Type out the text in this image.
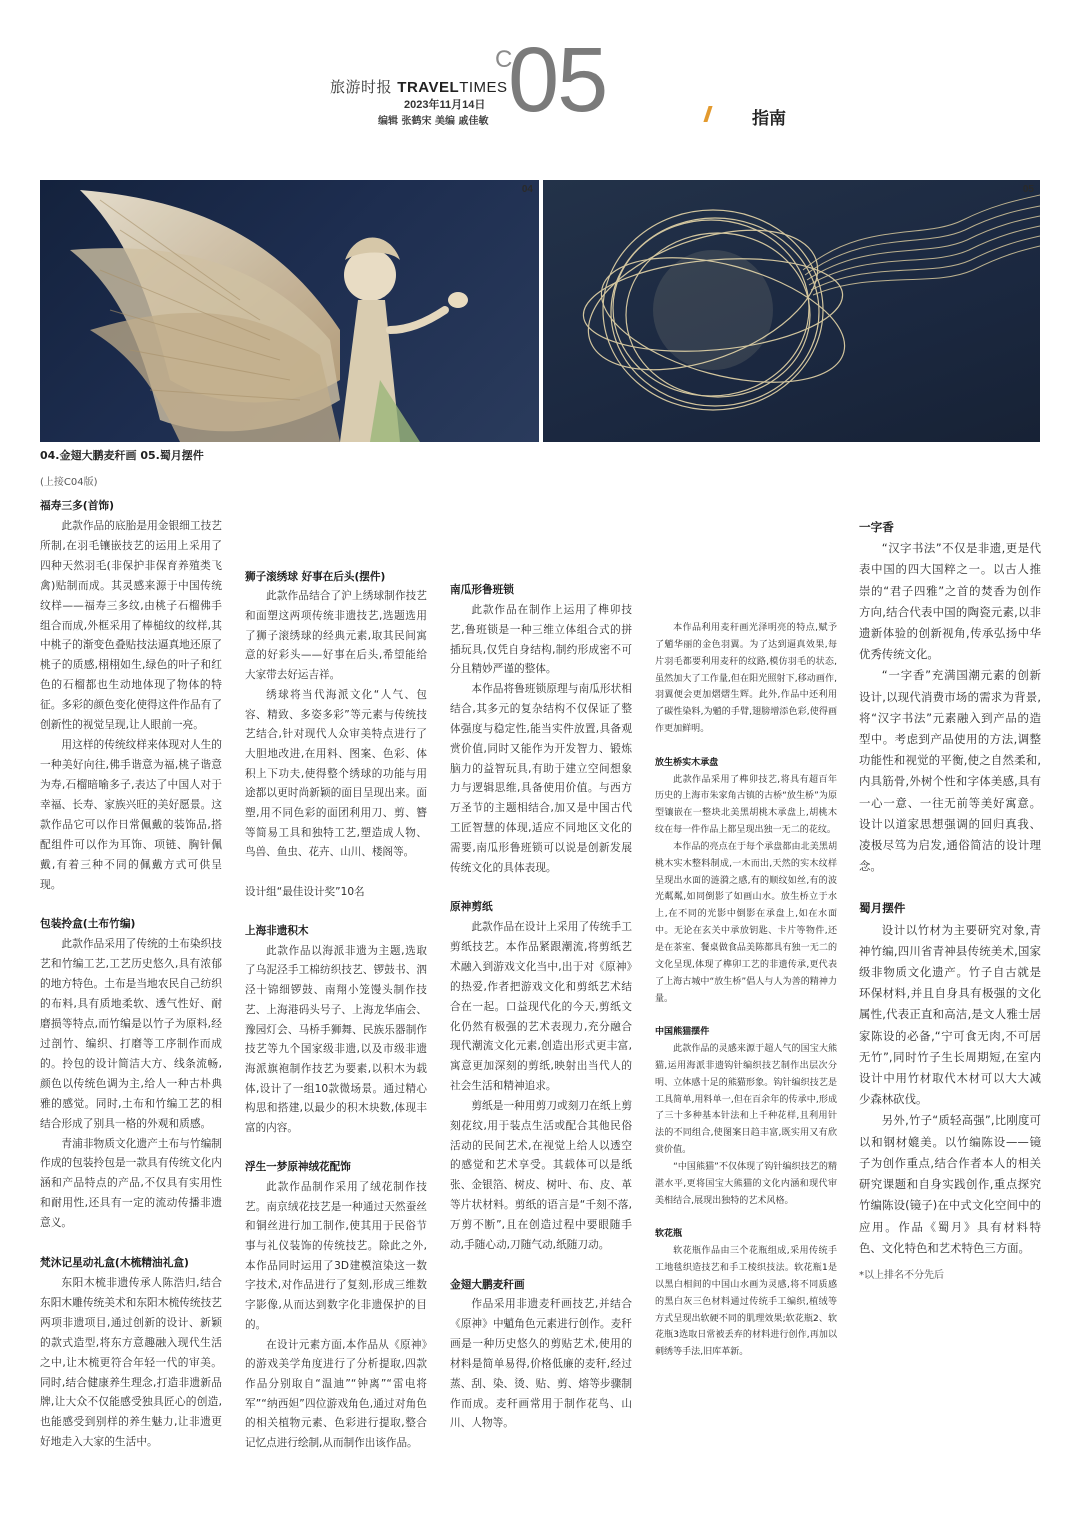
旅游时报 TRAVELTIMES
2023年11月14日
编辑 张鹤宋 美编 戚佳敏
C
05	指南
04	05
04.金翅大鹏麦秆画 05.蜀月摆件
(上接C04版)
福寿三多(首饰)

此款作品的底胎是用金银细工技艺所制,在羽毛镶嵌技艺的运用上采用了四种天然羽毛(非保护非保育养殖类飞禽)贴制而成。其灵感来源于中国传统纹样——福寿三多纹,由桃子石榴佛手组合而成,外框采用了棒槌纹的纹样,其中桃子的渐变色叠贴技法逼真地还原了桃子的质感,栩栩如生,绿色的叶子和红色的石榴都也生动地体现了物体的特征。多彩的颜色变化使得这件作品有了创新性的视觉呈现,让人眼前一亮。

用这样的传统纹样来体现对人生的一种美好向往,佛手谐意为福,桃子谐意为寿,石榴暗喻多子,表达了中国人对于幸福、长寿、家族兴旺的美好愿景。这款作品它可以作日常佩戴的装饰品,搭配组件可以作为耳饰、项链、胸针佩戴,有着三种不同的佩戴方式可供呈现。

包装拎盒(土布竹编)

此款作品采用了传统的土布染织技艺和竹编工艺,工艺历史悠久,具有浓郁的地方特色。土布是当地农民自己纺织的布料,具有质地柔软、透气性好、耐磨损等特点,而竹编是以竹子为原料,经过剖竹、编织、打磨等工序制作而成的。拎包的设计简洁大方、线条流畅,颜色以传统色调为主,给人一种古朴典雅的感觉。同时,土布和竹编工艺的相结合形成了别具一格的外观和质感。

青浦非物质文化遗产土布与竹编制作成的包装拎包是一款具有传统文化内涵和产品特点的产品,不仅具有实用性和耐用性,还具有一定的流动传播非遗意义。

梵沐记星动礼盒(木梳精油礼盒)

东阳木梳非遗传承人陈浩归,结合东阳木雕传统美术和东阳木梳传统技艺两项非遗项目,通过创新的设计、新颖的款式造型,将东方意趣融入现代生活之中,让木梳更符合年轻一代的审美。同时,结合健康养生理念,打造非遗新品牌,让大众不仅能感受独具匠心的创造,也能感受到别样的养生魅力,让非遗更好地走入大家的生活中。

狮子滚绣球 好事在后头(摆件)

此款作品结合了沪上绣球制作技艺和面塑这两项传统非遗技艺,选题选用了狮子滚绣球的经典元素,取其民间寓意的好彩头——好事在后头,希望能给大家带去好运吉祥。

绣球将当代海派文化“人气、包容、精致、多姿多彩”等元素与传统技艺结合,针对现代人众审美特点进行了大胆地改进,在用料、图案、色彩、体积上下功夫,使得整个绣球的功能与用途都以更时尚新颖的面目呈现出来。面塑,用不同色彩的面团利用刀、剪、簪等简易工具和独特工艺,塑造成人物、鸟兽、鱼虫、花卉、山川、楼阁等。

设计组“最佳设计奖”10名

上海非遗积木

此款作品以海派非遗为主题,选取了乌泥泾手工棉纺织技艺、锣鼓书、泗泾十锦细锣鼓、南翔小笼馒头制作技艺、上海港码头号子、上海龙华庙会、豫园灯会、马桥手狮舞、民族乐器制作技艺等九个国家级非遗,以及市级非遗海派旗袍制作技艺为要素,以积木为载体,设计了一组10款微场景。通过精心构思和搭建,以最少的积木块数,体现丰富的内容。

浮生一梦原神绒花配饰

此款作品制作采用了绒花制作技艺。南京绒花技艺是一种通过天然蚕丝和铜丝进行加工制作,使其用于民俗节事与礼仪装饰的传统技艺。除此之外,本作品同时运用了3D建模渲染这一数字技术,对作品进行了复刻,形成三维数字影像,从而达到数字化非遗保护的目的。

在设计元素方面,本作品从《原神》的游戏美学角度进行了分析提取,四款作品分别取自“温迪”“钟离”“雷电将军”“纳西妲”四位游戏角色,通过对角色的相关植物元素、色彩进行提取,整合记忆点进行绘制,从而制作出该作品。

南瓜形鲁班锁

此款作品在制作上运用了榫卯技艺,鲁班锁是一种三维立体组合式的拼插玩具,仅凭自身结构,制约形成密不可分且精妙严谨的整体。

本作品将鲁班锁原理与南瓜形状相结合,其多元的复杂结构不仅保证了整体强度与稳定性,能当实件放置,具备观赏价值,同时又能作为开发智力、锻炼脑力的益智玩具,有助于建立空间想象力与逻辑思维,具备使用价值。与西方万圣节的主题相结合,加又是中国古代工匠智慧的体现,适应不同地区文化的需要,南瓜形鲁班锁可以说是创新发展传统文化的具体表现。

原神剪纸

此款作品在设计上采用了传统手工剪纸技艺。本作品紧跟潮流,将剪纸艺术融入到游戏文化当中,出于对《原神》的热爱,作者把游戏文化和剪纸艺术结合在一起。口益现代化的今天,剪纸文化仍然有极强的艺术表现力,充分融合现代潮流文化元素,创造出形式更丰富,寓意更加深刻的剪纸,映射出当代人的社会生活和精神追求。

剪纸是一种用剪刀或刻刀在纸上剪刻花纹,用于装点生活或配合其他民俗活动的民间艺术,在视觉上给人以透空的感觉和艺术享受。其载体可以是纸张、金银箔、树皮、树叶、布、皮、革等片状材料。剪纸的语言是“千刻不落,万剪不断”,且在创造过程中要眼随手动,手随心动,刀随气动,纸随刀动。

金翅大鹏麦秆画

作品采用非遗麦秆画技艺,并结合《原神》中魈角色元素进行创作。麦秆画是一种历史悠久的剪贴艺术,使用的材料是简单易得,价格低廉的麦秆,经过蒸、刮、染、烫、贴、剪、熔等步骤制作而成。麦秆画常用于制作花鸟、山川、人物等。

本作品利用麦秆画光泽明亮的特点,赋予了魈华丽的金色羽翼。为了达到逼真效果,每片羽毛都要利用麦秆的纹路,模仿羽毛的状态,虽然加大了工作量,但在阳光照射下,移动画作,羽翼便会更加熠熠生辉。此外,作品中还利用了碳性染料,为魈的手臂,翅膀增添色彩,使得画作更加鲜明。

放生桥实木承盘

此款作品采用了榫卯技艺,将具有超百年历史的上海市朱家角古镇的古桥“放生桥”为原型镶嵌在一整块北美黑胡桃木承盘上,胡桃木纹在每一件作品上都呈现出独一无二的花纹。

本作品的亮点在于每个承盘都由北美黑胡桃木实木整料制成,一木而出,天然的实木纹样呈现出水面的涟漪之感,有的顺纹如丝,有的波光粼粼,如同倒影了如画山水。放生桥立于水上,在不同的光影中倒影在承盘上,如在水面中。无论在玄关中承放钥匙、卡片等物件,还是在茶室、餐桌做食品美陈都具有独一无二的文化呈现,体现了榫卯工艺的非遗传承,更代表了上海古城中“放生桥”倡人与人为善的精神力量。

中国熊猫摆件

此款作品的灵感来源于超人气的国宝大熊猫,运用海派非遗钩针编织技艺制作出层次分明、立体感十足的熊猫形象。钩针编织技艺是工具简单,用料单一,但在百余年的传承中,形成了三十多种基本针法和上千种花样,且利用针法的不同组合,使图案日趋丰富,既实用又有欣赏价值。

“中国熊猫”不仅体现了钩针编织技艺的精湛水平,更将国宝大熊猫的文化内涵和现代审美相结合,展现出独特的艺术风格。

软花瓶

软花瓶作品由三个花瓶组成,采用传统手工地毯织造技艺和手工棱织技法。软花瓶1是以黑白相间的中国山水画为灵感,将不同质感的黑白灰三色材料通过传统手工编织,植绒等方式呈现出软硬不同的肌理效果;软花瓶2、软花瓶3选取日常被丢弃的材料进行创作,再加以刺绣等手法,旧库革新。

一字香

“汉字书法”不仅是非遗,更是代表中国的四大国粹之一。以古人推崇的“君子四雅”之首的焚香为创作方向,结合代表中国的陶瓷元素,以非遗新体验的创新视角,传承弘扬中华优秀传统文化。

“一字香”充满国潮元素的创新设计,以现代消费市场的需求为背景,将“汉字书法”元素融入到产品的造型中。考虑到产品使用的方法,调整功能性和视觉的平衡,使之自然柔和,内具筋骨,外树个性和字体美感,具有一心一意、一往无前等美好寓意。设计以道家思想强调的回归真我、凌极尽笃为启发,通俗简洁的设计理念。

蜀月摆件

设计以竹材为主要研究对象,青神竹编,四川省青神县传统美术,国家级非物质文化遗产。竹子自古就是环保材料,并且自身具有极强的文化属性,代表正直和高洁,是文人雅士居家陈设的必备,“宁可食无肉,不可居无竹”,同时竹子生长周期短,在室内设计中用竹材取代木材可以大大减少森林砍伐。

另外,竹子“质轻高强”,比刚度可以和钢材媲美。以竹编陈设——镜子为创作重点,结合作者本人的相关研究课题和自身实践创作,重点探究竹编陈设(镜子)在中式文化空间中的应用。作品《蜀月》具有材料特色、文化特色和艺术特色三方面。

*以上排名不分先后
